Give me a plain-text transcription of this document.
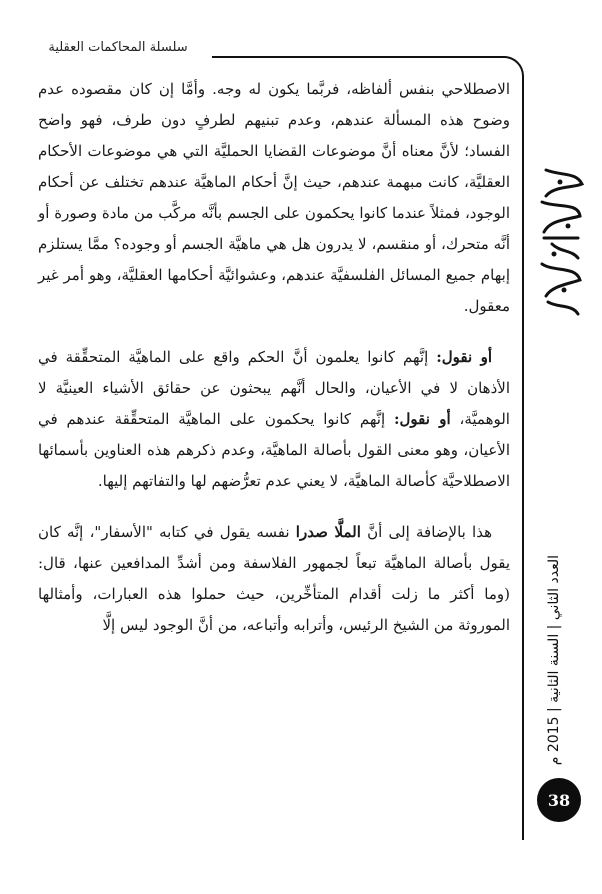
سلسلة المحاكمات العقلية
العدد الثاني | السنة الثانية | 2015 م
38

الاصطلاحي بنفس ألفاظه، فربَّما يكون له وجه. وأمَّا إن كان مقصوده عدم وضوح هذه المسألة عندهم، وعدم تبنيهم لطرفٍ دون طرف، فهو واضح الفساد؛ لأنَّ معناه أنَّ موضوعات القضايا الحمليَّة التي هي موضوعات الأحكام العقليَّة، كانت مبهمة عندهم، حيث إنَّ أحكام الماهيَّة عندهم تختلف عن أحكام الوجود، فمثلاً عندما كانوا يحكمون على الجسم بأنَّه مركَّب من مادة وصورة أو أنَّه متحرك، أو منقسم، لا يدرون هل هي ماهيَّة الجسم أو وجوده؟ ممَّا يستلزم إبهام جميع المسائل الفلسفيَّة عندهم، وعشوائيَّة أحكامها العقليَّة، وهو أمر غير معقول.

أو نقول: إنَّهم كانوا يعلمون أنَّ الحكم واقع على الماهيَّة المتحقِّقة في الأذهان لا في الأعيان، والحال أنَّهم يبحثون عن حقائق الأشياء العينيَّة لا الوهميَّة، أو نقول: إنَّهم كانوا يحكمون على الماهيَّة المتحقِّقة عندهم في الأعيان، وهو معنى القول بأصالة الماهيَّة، وعدم ذكرهم هذه العناوين بأسمائها الاصطلاحيَّة كأصالة الماهيَّة، لا يعني عدم تعرُّضهم لها والتفاتهم إليها.

هذا بالإضافة إلى أنَّ الملَّا صدرا نفسه يقول في كتابه "الأسفار"، إنَّه كان يقول بأصالة الماهيَّة تبعاً لجمهور الفلاسفة ومن أشدِّ المدافعين عنها، قال: (وما أكثر ما زلت أقدام المتأخِّرين، حيث حملوا هذه العبارات، وأمثالها الموروثة من الشيخ الرئيس، وأترابه وأتباعه، من أنَّ الوجود ليس إلَّا
